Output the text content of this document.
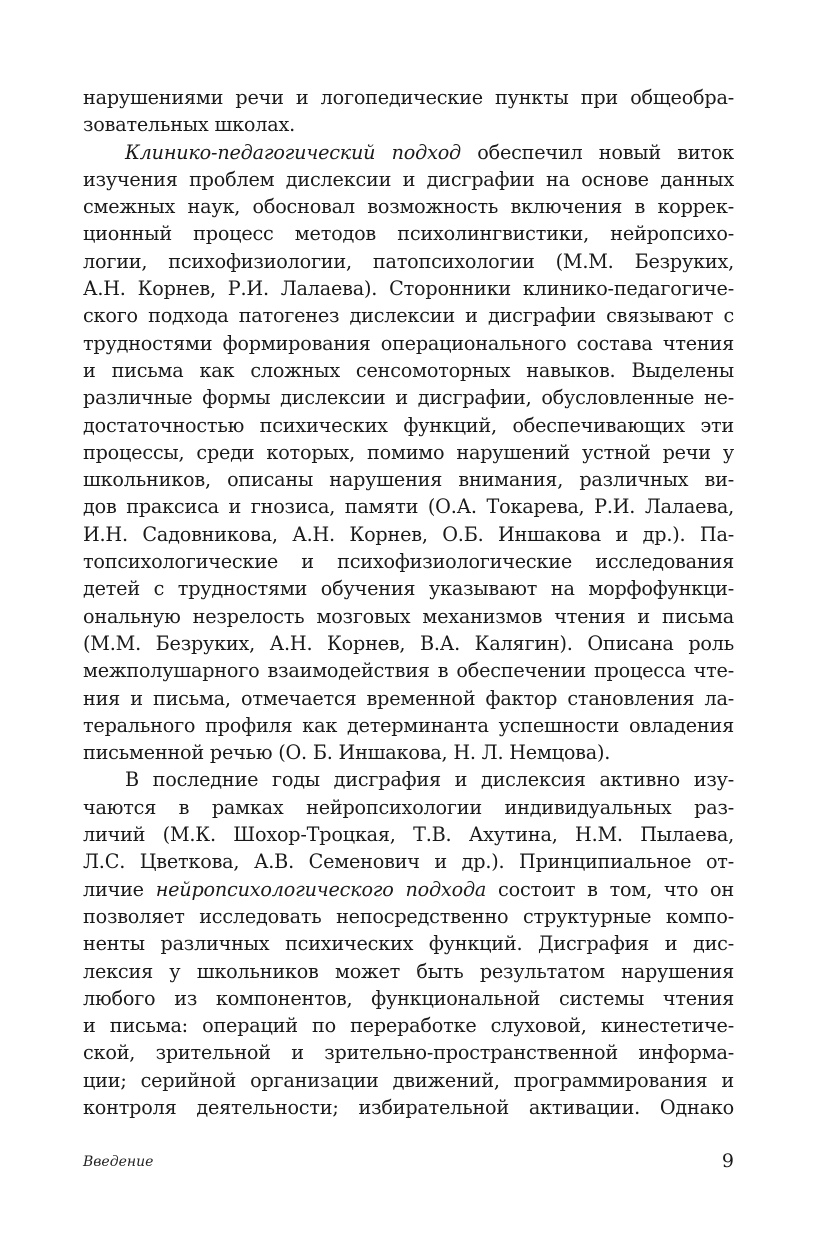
нарушениями речи и логопедические пункты при общеобра-
зовательных школах.
Клинико-педагогический подход обеспечил новый виток
изучения проблем дислексии и дисграфии на основе данных
смежных наук, обосновал возможность включения в коррек-
ционный процесс методов психолингвистики, нейропсихо-
логии, психофизиологии, патопсихологии (М.М. Безруких,
А.Н. Корнев, Р.И. Лалаева). Сторонники клинико-педагогиче-
ского подхода патогенез дислексии и дисграфии связывают с
трудностями формирования операционального состава чтения
и письма как сложных сенсомоторных навыков. Выделены
различные формы дислексии и дисграфии, обусловленные не-
достаточностью психических функций, обеспечивающих эти
процессы, среди которых, помимо нарушений устной речи у
школьников, описаны нарушения внимания, различных ви-
дов праксиса и гнозиса, памяти (О.А. Токарева, Р.И. Лалаева,
И.Н. Садовникова, А.Н. Корнев, О.Б. Иншакова и др.). Па-
топсихологические и психофизиологические исследования
детей с трудностями обучения указывают на морфофункци-
ональную незрелость мозговых механизмов чтения и письма
(М.М. Безруких, А.Н. Корнев, В.А. Калягин). Описана роль
межполушарного взаимодействия в обеспечении процесса чте-
ния и письма, отмечается временной фактор становления ла-
терального профиля как детерминанта успешности овладения
письменной речью (О. Б. Иншакова, Н. Л. Немцова).
В последние годы дисграфия и дислексия активно изу-
чаются в рамках нейропсихологии индивидуальных раз-
личий (М.К. Шохор-Троцкая, Т.В. Ахутина, Н.М. Пылаева,
Л.С. Цветкова, А.В. Семенович и др.). Принципиальное от-
личие нейропсихологического подхода состоит в том, что он
позволяет исследовать непосредственно структурные компо-
ненты различных психических функций. Дисграфия и дис-
лексия у школьников может быть результатом нарушения
любого из компонентов, функциональной системы чтения
и письма: операций по переработке слуховой, кинестетиче-
ской, зрительной и зрительно-пространственной информа-
ции; серийной организации движений, программирования и
контроля деятельности; избирательной активации. Однако
Введение	9
